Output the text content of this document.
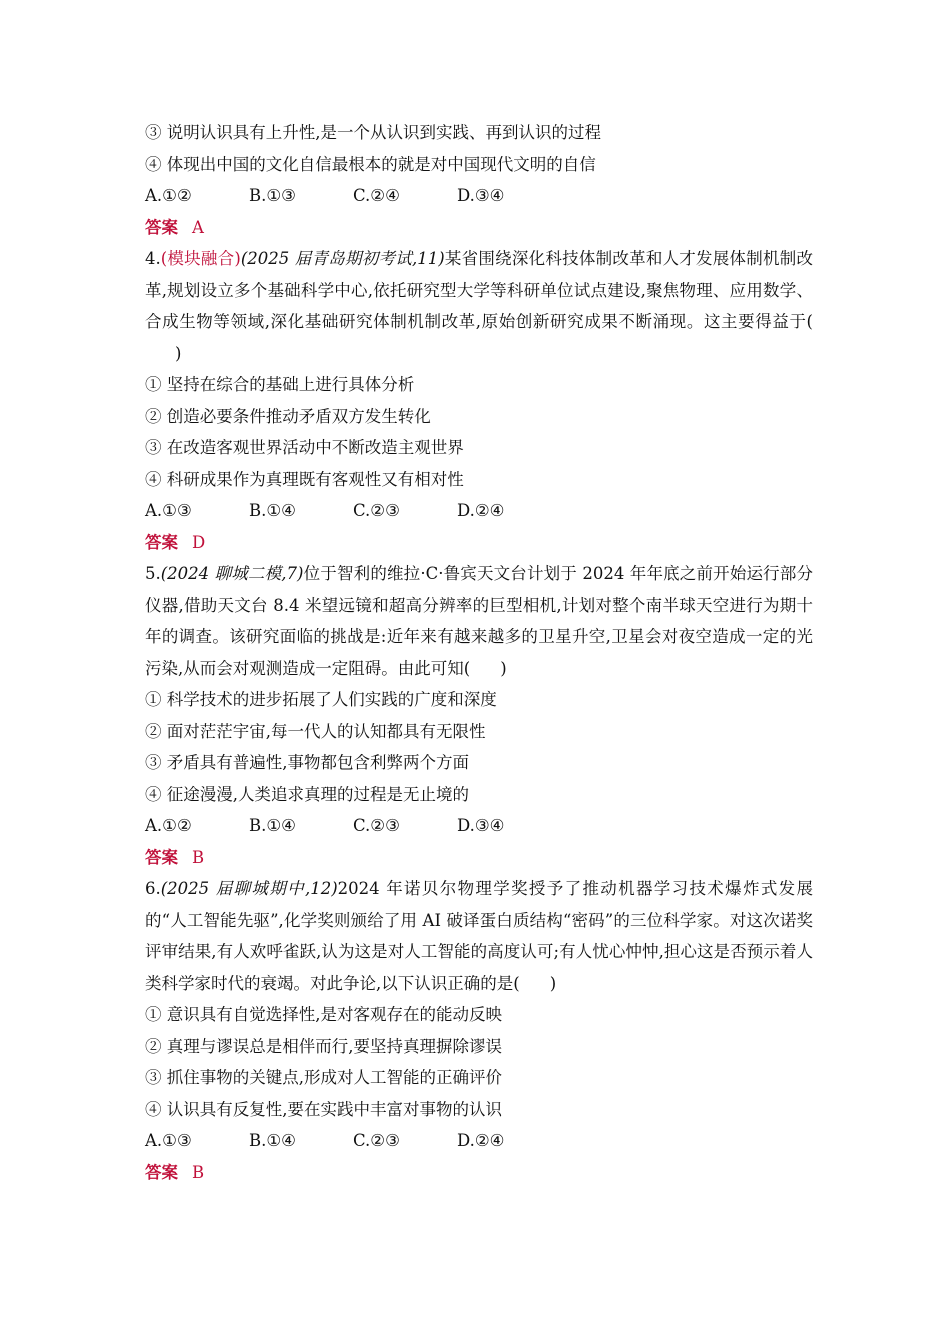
③ 说明认识具有上升性,是一个从认识到实践、再到认识的过程
④ 体现出中国的文化自信最根本的就是对中国现代文明的自信
A.①②	B.①③	C.②④	D.③④
答案 A
4.(模块融合)(2025 届青岛期初考试,11)某省围绕深化科技体制改革和人才发展体制机制改革,规划设立多个基础科学中心,依托研究型大学等科研单位试点建设,聚焦物理、应用数学、合成生物等领域,深化基础研究体制机制改革,原始创新研究成果不断涌现。这主要得益于()
① 坚持在综合的基础上进行具体分析
② 创造必要条件推动矛盾双方发生转化
③ 在改造客观世界活动中不断改造主观世界
④ 科研成果作为真理既有客观性又有相对性
A.①③	B.①④	C.②③	D.②④
答案 D
5.(2024 聊城二模,7)位于智利的维拉·C·鲁宾天文台计划于 2024 年年底之前开始运行部分仪器,借助天文台 8.4 米望远镜和超高分辨率的巨型相机,计划对整个南半球天空进行为期十年的调查。该研究面临的挑战是:近年来有越来越多的卫星升空,卫星会对夜空造成一定的光污染,从而会对观测造成一定阻碍。由此可知( )
① 科学技术的进步拓展了人们实践的广度和深度
② 面对茫茫宇宙,每一代人的认知都具有无限性
③ 矛盾具有普遍性,事物都包含利弊两个方面
④ 征途漫漫,人类追求真理的过程是无止境的
A.①②	B.①④	C.②③	D.③④
答案 B
6.(2025 届聊城期中,12)2024 年诺贝尔物理学奖授予了推动机器学习技术爆炸式发展的“人工智能先驱”,化学奖则颁给了用 AI 破译蛋白质结构“密码”的三位科学家。对这次诺奖评审结果,有人欢呼雀跃,认为这是对人工智能的高度认可;有人忧心忡忡,担心这是否预示着人类科学家时代的衰竭。对此争论,以下认识正确的是( )
① 意识具有自觉选择性,是对客观存在的能动反映
② 真理与谬误总是相伴而行,要坚持真理摒除谬误
③ 抓住事物的关键点,形成对人工智能的正确评价
④ 认识具有反复性,要在实践中丰富对事物的认识
A.①③	B.①④	C.②③	D.②④
答案 B
